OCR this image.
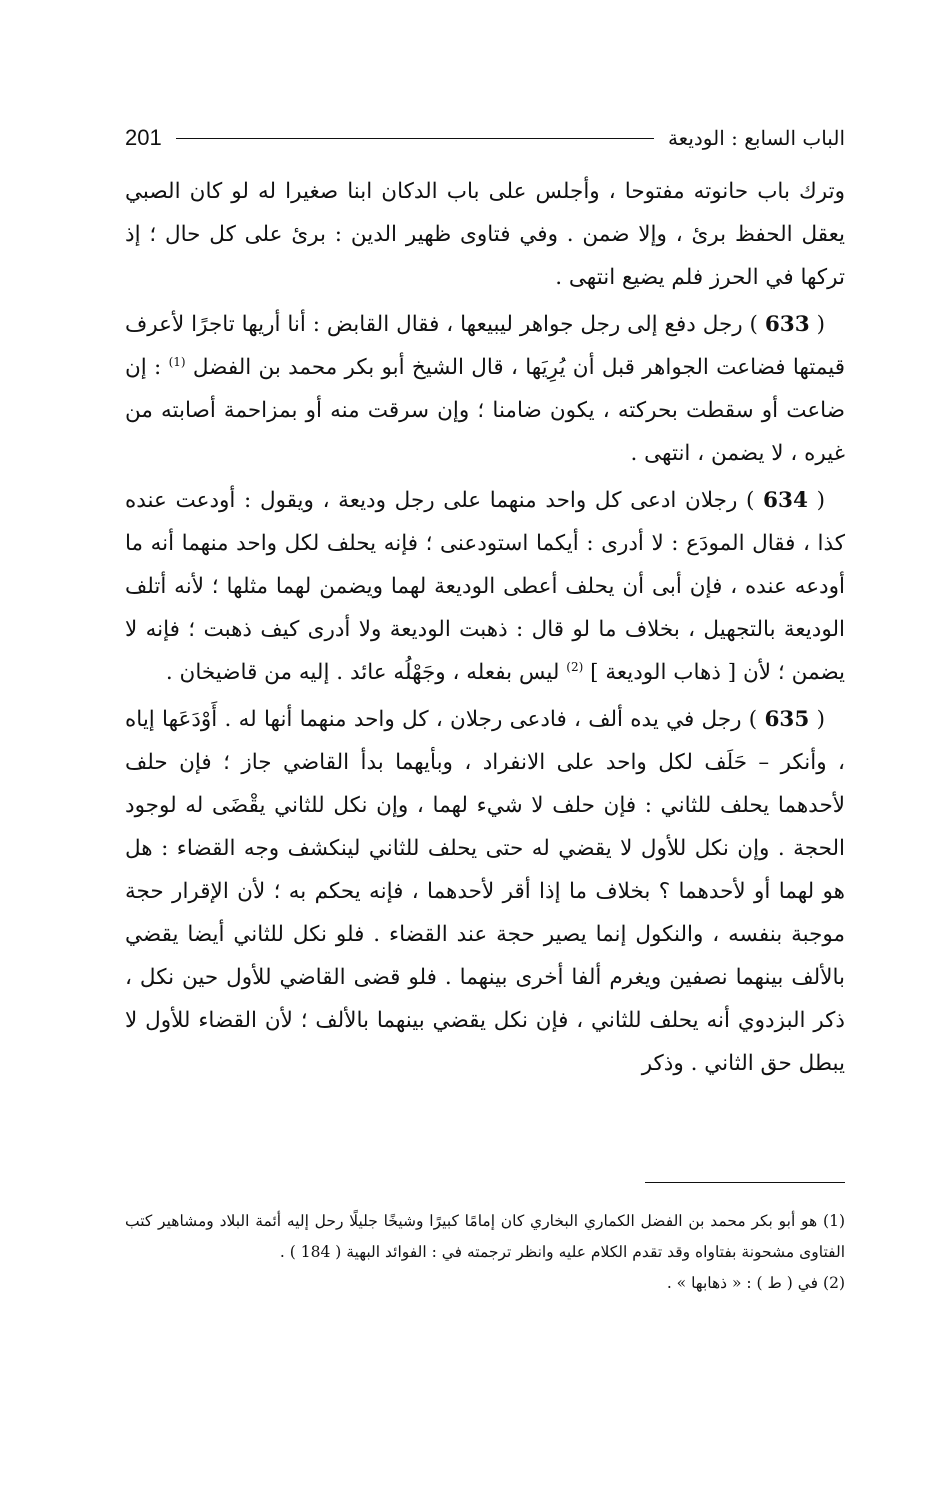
الباب السابع : الوديعة
201

وترك باب حانوته مفتوحا ، وأجلس على باب الدكان ابنا صغيرا له لو كان الصبي يعقل الحفظ برئ ، وإلا ضمن . وفي فتاوى ظهير الدين : برئ على كل حال ؛ إذ تركها في الحرز فلم يضيع انتهى .

( 633 ) رجل دفع إلى رجل جواهر ليبيعها ، فقال القابض : أنا أريها تاجرًا لأعرف قيمتها فضاعت الجواهر قبل أن يُرِيَها ، قال الشيخ أبو بكر محمد بن الفضل $^{(1)}$ : إن ضاعت أو سقطت بحركته ، يكون ضامنا ؛ وإن سرقت منه أو بمزاحمة أصابته من غيره ، لا يضمن ، انتهى .

( 634 ) رجلان ادعى كل واحد منهما على رجل وديعة ، ويقول : أودعت عنده كذا ، فقال المودَع : لا أدرى : أيكما استودعنى ؛ فإنه يحلف لكل واحد منهما أنه ما أودعه عنده ، فإن أبى أن يحلف أعطى الوديعة لهما ويضمن لهما مثلها ؛ لأنه أتلف الوديعة بالتجهيل ، بخلاف ما لو قال : ذهبت الوديعة ولا أدرى كيف ذهبت ؛ فإنه لا يضمن ؛ لأن [ ذهاب الوديعة ] $^{(2)}$ ليس بفعله ، وجَهْلُه عائد . إليه من قاضيخان .

( 635 ) رجل في يده ألف ، فادعى رجلان ، كل واحد منهما أنها له . أَوْدَعَها إياه ، وأنكر – حَلَف لكل واحد على الانفراد ، وبأيهما بدأ القاضي جاز ؛ فإن حلف لأحدهما يحلف للثاني : فإن حلف لا شيء لهما ، وإن نكل للثاني يقْضَى له لوجود الحجة . وإن نكل للأول لا يقضي له حتى يحلف للثاني لينكشف وجه القضاء : هل هو لهما أو لأحدهما ؟ بخلاف ما إذا أقر لأحدهما ، فإنه يحكم به ؛ لأن الإقرار حجة موجبة بنفسه ، والنكول إنما يصير حجة عند القضاء . فلو نكل للثاني أيضا يقضي بالألف بينهما نصفين ويغرم ألفا أخرى بينهما . فلو قضى القاضي للأول حين نكل ، ذكر البزدوي أنه يحلف للثاني ، فإن نكل يقضي بينهما بالألف ؛ لأن القضاء للأول لا يبطل حق الثاني . وذكر

(1) هو أبو بكر محمد بن الفضل الكماري البخاري كان إمامًا كبيرًا وشيخًا جليلًا رحل إليه أئمة البلاد ومشاهير كتب الفتاوى مشحونة بفتاواه وقد تقدم الكلام عليه وانظر ترجمته في : الفوائد البهية ( 184 ) .

(2) في ( ط ) : « ذهابها » .
